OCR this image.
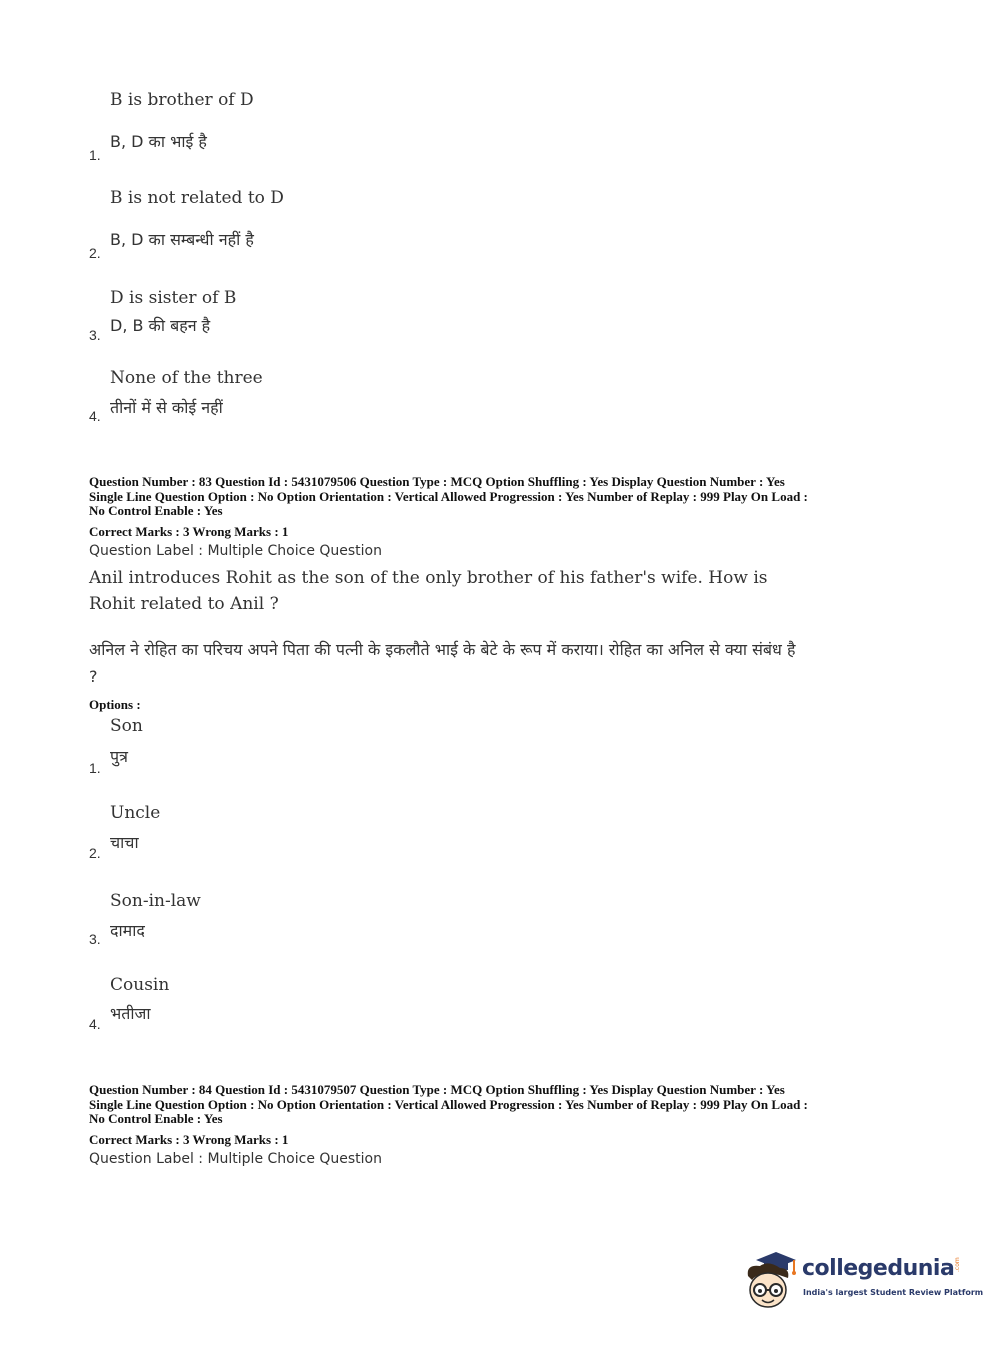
B is brother of D

B, D का भाई है

1.

B is not related to D

B, D का सम्बन्धी नहीं है

2.

D is sister of B

D, B की बहन है

3.

None of the three

तीनों में से कोई नहीं

4.

Question Number : 83 Question Id : 5431079506 Question Type : MCQ Option Shuffling : Yes Display Question Number : Yes
Single Line Question Option : No Option Orientation : Vertical Allowed Progression : Yes Number of Replay : 999 Play On Load :
No Control Enable : Yes

Correct Marks : 3 Wrong Marks : 1

Question Label : Multiple Choice Question

Anil introduces Rohit as the son of the only brother of his father's wife. How is Rohit related to Anil ?

अनिल ने रोहित का परिचय अपने पिता की पत्नी के इकलौते भाई के बेटे के रूप में कराया। रोहित का अनिल से क्या संबंध है ?

Options :

Son

पुत्र

1.

Uncle

चाचा

2.

Son-in-law

दामाद

3.

Cousin

भतीजा

4.

Question Number : 84 Question Id : 5431079507 Question Type : MCQ Option Shuffling : Yes Display Question Number : Yes
Single Line Question Option : No Option Orientation : Vertical Allowed Progression : Yes Number of Replay : 999 Play On Load :
No Control Enable : Yes

Correct Marks : 3 Wrong Marks : 1

Question Label : Multiple Choice Question

collegedunia .com
India's largest Student Review Platform
